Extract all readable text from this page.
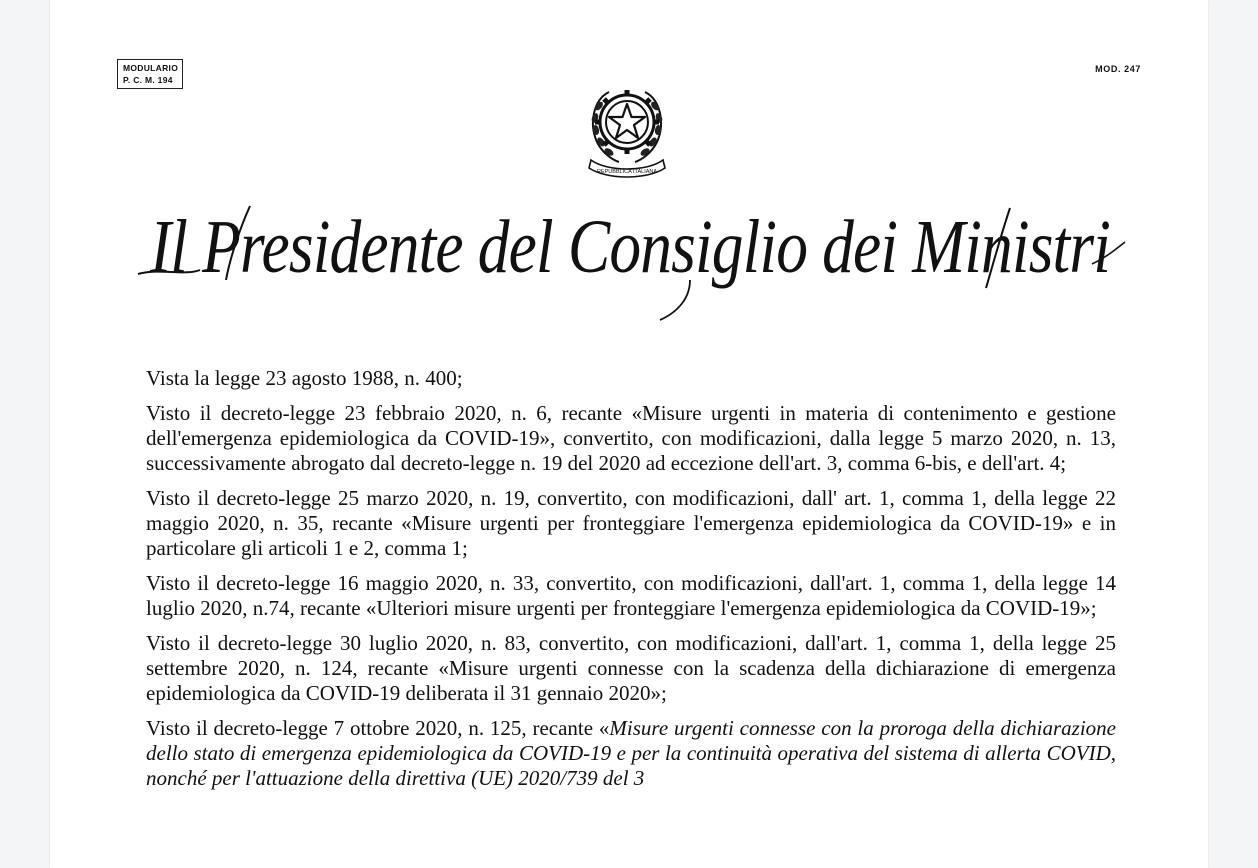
MODULARIO
P. C. M. 194
MOD. 247
REPUBBLICA ITALIANA
Il Presidente del Consiglio dei Ministri

Vista la legge 23 agosto 1988, n. 400;

Visto il decreto-legge 23 febbraio 2020, n. 6, recante «Misure urgenti in materia di contenimento e gestione dell'emergenza epidemiologica da COVID-19», convertito, con modificazioni, dalla legge 5 marzo 2020, n. 13, successivamente abrogato dal decreto-legge n. 19 del 2020 ad eccezione dell'art. 3, comma 6-bis, e dell'art. 4;

Visto il decreto-legge 25 marzo 2020, n. 19, convertito, con modificazioni, dall' art. 1, comma 1, della legge 22 maggio 2020, n. 35, recante «Misure urgenti per fronteggiare l'emergenza epidemiologica da COVID-19» e in particolare gli articoli 1 e 2, comma 1;

Visto il decreto-legge 16 maggio 2020, n. 33, convertito, con modificazioni, dall'art. 1, comma 1, della legge 14 luglio 2020, n.74, recante «Ulteriori misure urgenti per fronteggiare l'emergenza epidemiologica da COVID-19»;

Visto il decreto-legge 30 luglio 2020, n. 83, convertito, con modificazioni, dall'art. 1, comma 1, della legge 25 settembre 2020, n. 124, recante «Misure urgenti connesse con la scadenza della dichiarazione di emergenza epidemiologica da COVID-19 deliberata il 31 gennaio 2020»;

Visto il decreto-legge 7 ottobre 2020, n. 125, recante «Misure urgenti connesse con la proroga della dichiarazione dello stato di emergenza epidemiologica da COVID-19 e per la continuità operativa del sistema di allerta COVID, nonché per l'attuazione della direttiva (UE) 2020/739 del 3
